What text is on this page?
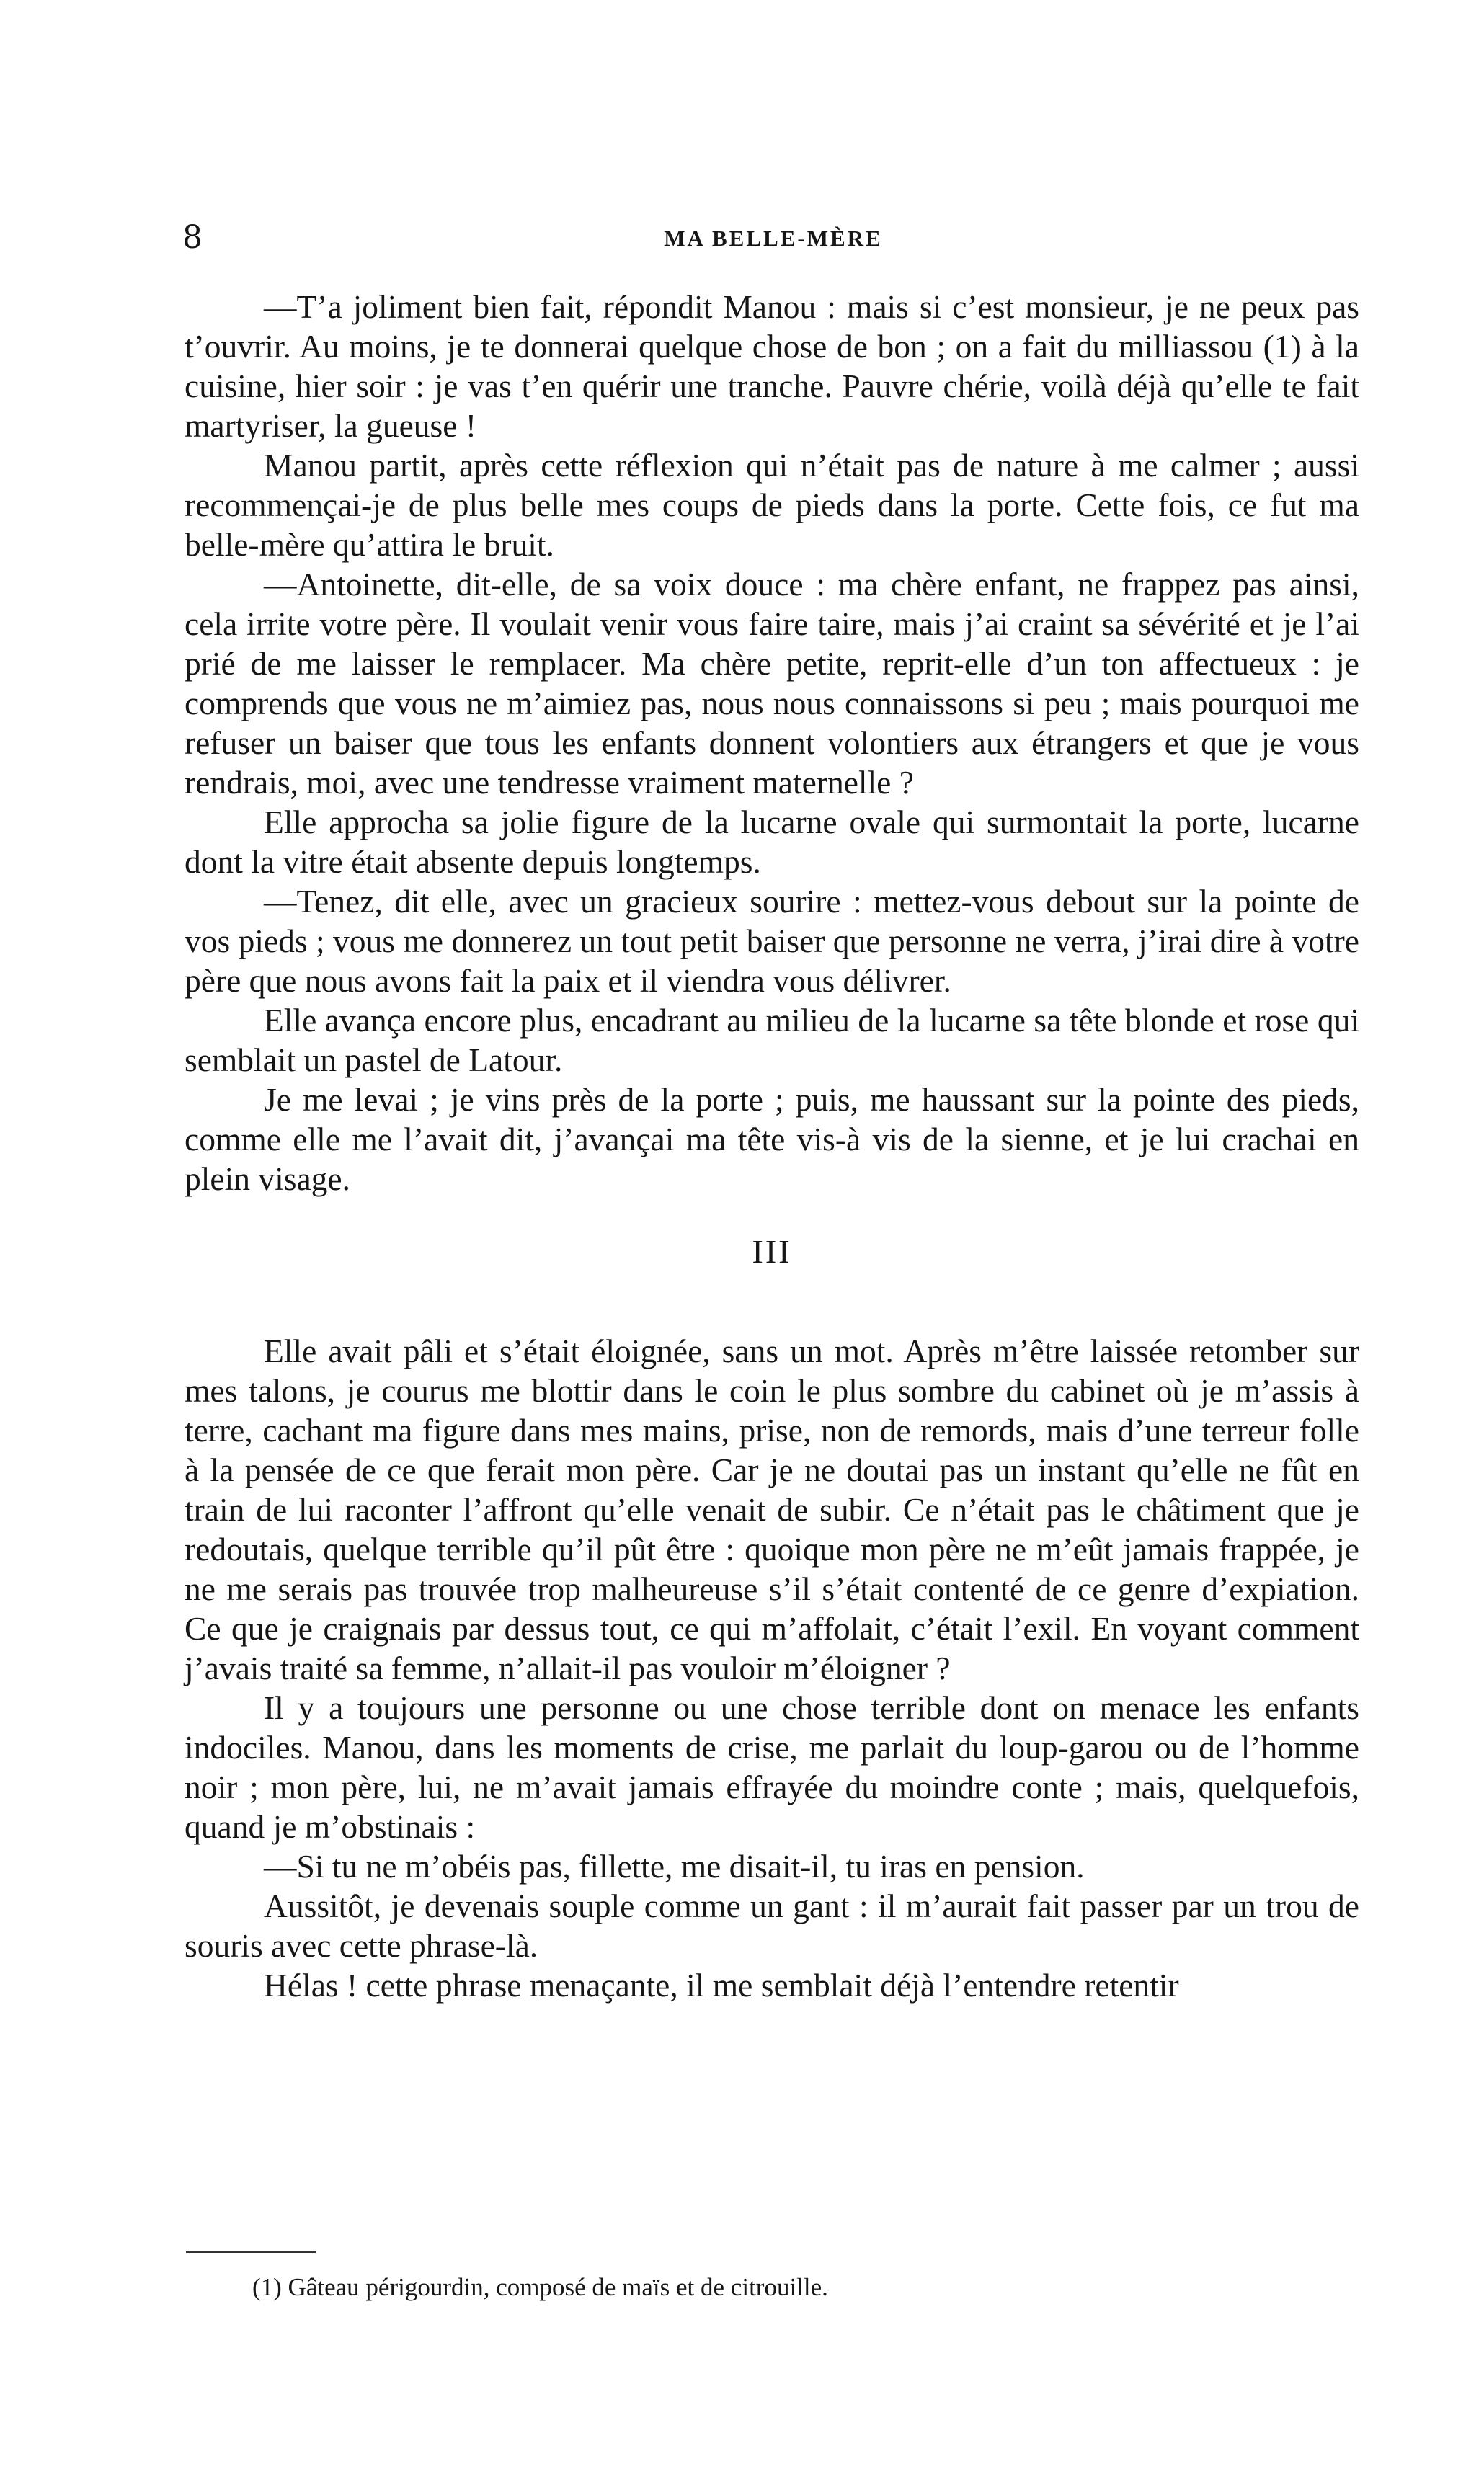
8	MA BELLE-MÈRE

—T’a joliment bien fait, répondit Manou : mais si c’est monsieur, je ne peux pas t’ouvrir. Au moins, je te donnerai quelque chose de bon ; on a fait du milliassou (1) à la cuisine, hier soir : je vas t’en quérir une tranche. Pauvre chérie, voilà déjà qu’elle te fait martyriser, la gueuse !

Manou partit, après cette réflexion qui n’était pas de nature à me calmer ; aussi recommençai-je de plus belle mes coups de pieds dans la porte. Cette fois, ce fut ma belle-mère qu’attira le bruit.

—Antoinette, dit-elle, de sa voix douce : ma chère enfant, ne frappez pas ainsi, cela irrite votre père. Il voulait venir vous faire taire, mais j’ai craint sa sévérité et je l’ai prié de me laisser le remplacer. Ma chère petite, reprit-elle d’un ton affectueux : je comprends que vous ne m’aimiez pas, nous nous connaissons si peu ; mais pourquoi me refuser un baiser que tous les enfants donnent volontiers aux étrangers et que je vous rendrais, moi, avec une tendresse vraiment maternelle ?

Elle approcha sa jolie figure de la lucarne ovale qui surmontait la porte, lucarne dont la vitre était absente depuis longtemps.

—Tenez, dit elle, avec un gracieux sourire : mettez-vous debout sur la pointe de vos pieds ; vous me donnerez un tout petit baiser que personne ne verra, j’irai dire à votre père que nous avons fait la paix et il viendra vous délivrer.

Elle avança encore plus, encadrant au milieu de la lucarne sa tête blonde et rose qui semblait un pastel de Latour.

Je me levai ; je vins près de la porte ; puis, me haussant sur la pointe des pieds, comme elle me l’avait dit, j’avançai ma tête vis-à vis de la sienne, et je lui crachai en plein visage.

III

Elle avait pâli et s’était éloignée, sans un mot. Après m’être laissée retomber sur mes talons, je courus me blottir dans le coin le plus sombre du cabinet où je m’assis à terre, cachant ma figure dans mes mains, prise, non de remords, mais d’une terreur folle à la pensée de ce que ferait mon père. Car je ne doutai pas un instant qu’elle ne fût en train de lui raconter l’affront qu’elle venait de subir. Ce n’était pas le châtiment que je redoutais, quelque terrible qu’il pût être : quoique mon père ne m’eût jamais frappée, je ne me serais pas trouvée trop malheureuse s’il s’était contenté de ce genre d’expiation. Ce que je craignais par dessus tout, ce qui m’affolait, c’était l’exil. En voyant comment j’avais traité sa femme, n’allait-il pas vouloir m’éloigner ?

Il y a toujours une personne ou une chose terrible dont on menace les enfants indociles. Manou, dans les moments de crise, me parlait du loup-garou ou de l’homme noir ; mon père, lui, ne m’avait jamais effrayée du moindre conte ; mais, quelquefois, quand je m’obstinais :

—Si tu ne m’obéis pas, fillette, me disait-il, tu iras en pension.

Aussitôt, je devenais souple comme un gant : il m’aurait fait passer par un trou de souris avec cette phrase-là.

Hélas ! cette phrase menaçante, il me semblait déjà l’entendre retentir

(1) Gâteau périgourdin, composé de maïs et de citrouille.
